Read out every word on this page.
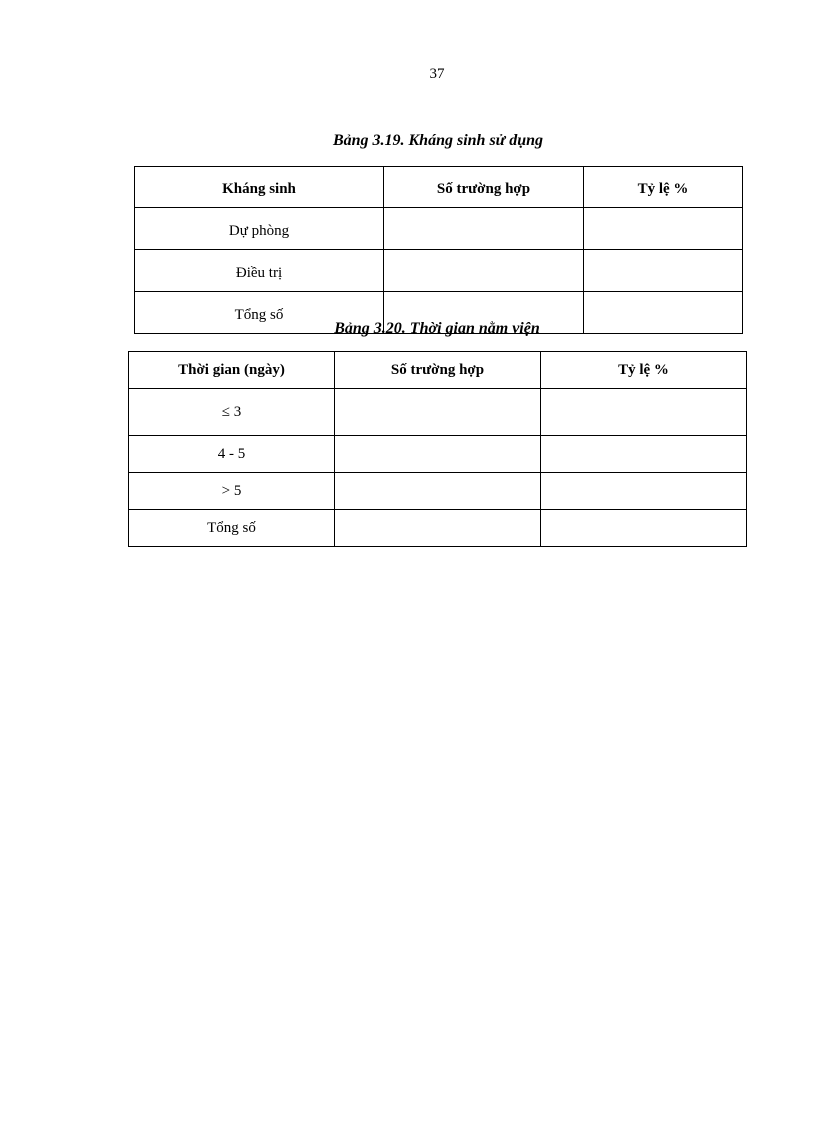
37
Bảng 3.19. Kháng sinh sử dụng
Kháng sinh	Số trường hợp	Tỷ lệ %
Dự phòng		
Điều trị		
Tổng số		
Bảng 3.20. Thời gian nằm viện
Thời gian (ngày)	Số trường hợp	Tỷ lệ %
≤ 3		
4 - 5		
> 5		
Tổng số		
